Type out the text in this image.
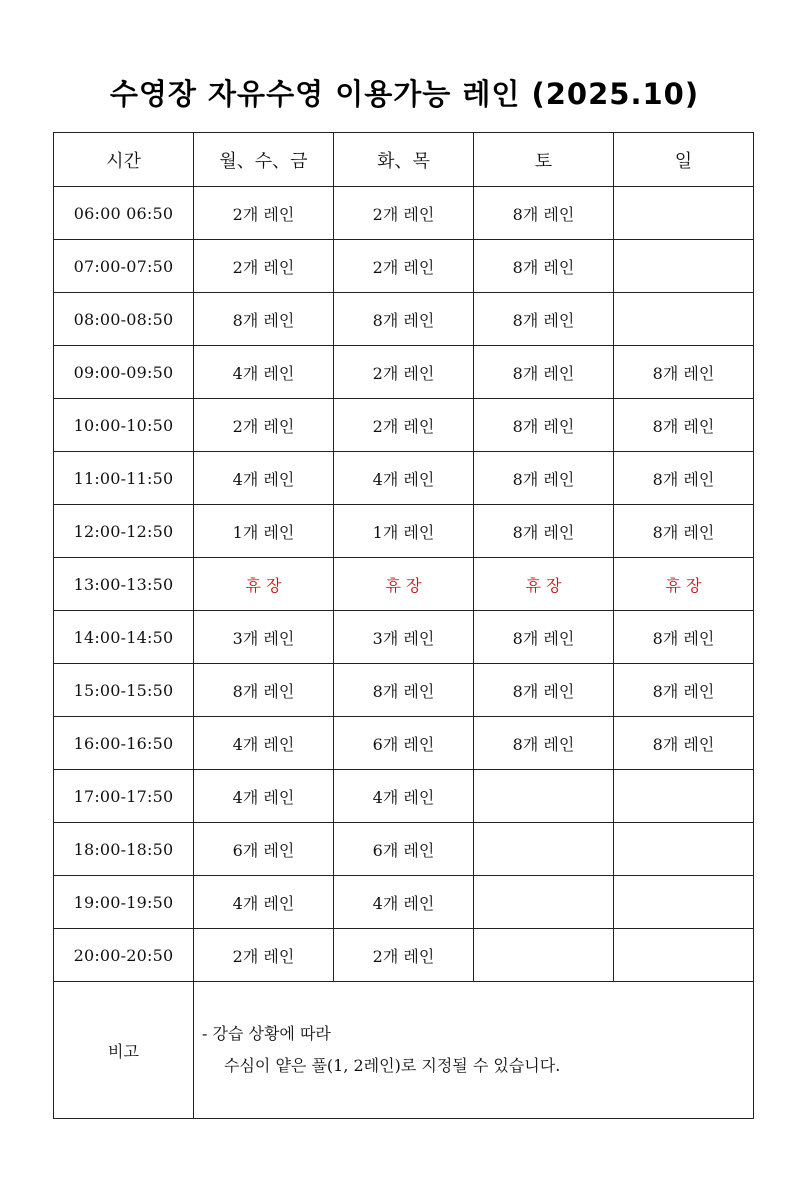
수영장 자유수영 이용가능 레인 (2025.10)
시간	월、수、금	화、목	토	일
06:00 06:50	2개 레인	2개 레인	8개 레인	
07:00-07:50	2개 레인	2개 레인	8개 레인	
08:00-08:50	8개 레인	8개 레인	8개 레인	
09:00-09:50	4개 레인	2개 레인	8개 레인	8개 레인
10:00-10:50	2개 레인	2개 레인	8개 레인	8개 레인
11:00-11:50	4개 레인	4개 레인	8개 레인	8개 레인
12:00-12:50	1개 레인	1개 레인	8개 레인	8개 레인
13:00-13:50	휴 장	휴 장	휴 장	휴 장
14:00-14:50	3개 레인	3개 레인	8개 레인	8개 레인
15:00-15:50	8개 레인	8개 레인	8개 레인	8개 레인
16:00-16:50	4개 레인	6개 레인	8개 레인	8개 레인
17:00-17:50	4개 레인	4개 레인		
18:00-18:50	6개 레인	6개 레인		
19:00-19:50	4개 레인	4개 레인		
20:00-20:50	2개 레인	2개 레인		
비고	- 강습 상황에 따라
수심이 얕은 풀(1, 2레인)로 지정될 수 있습니다.			
